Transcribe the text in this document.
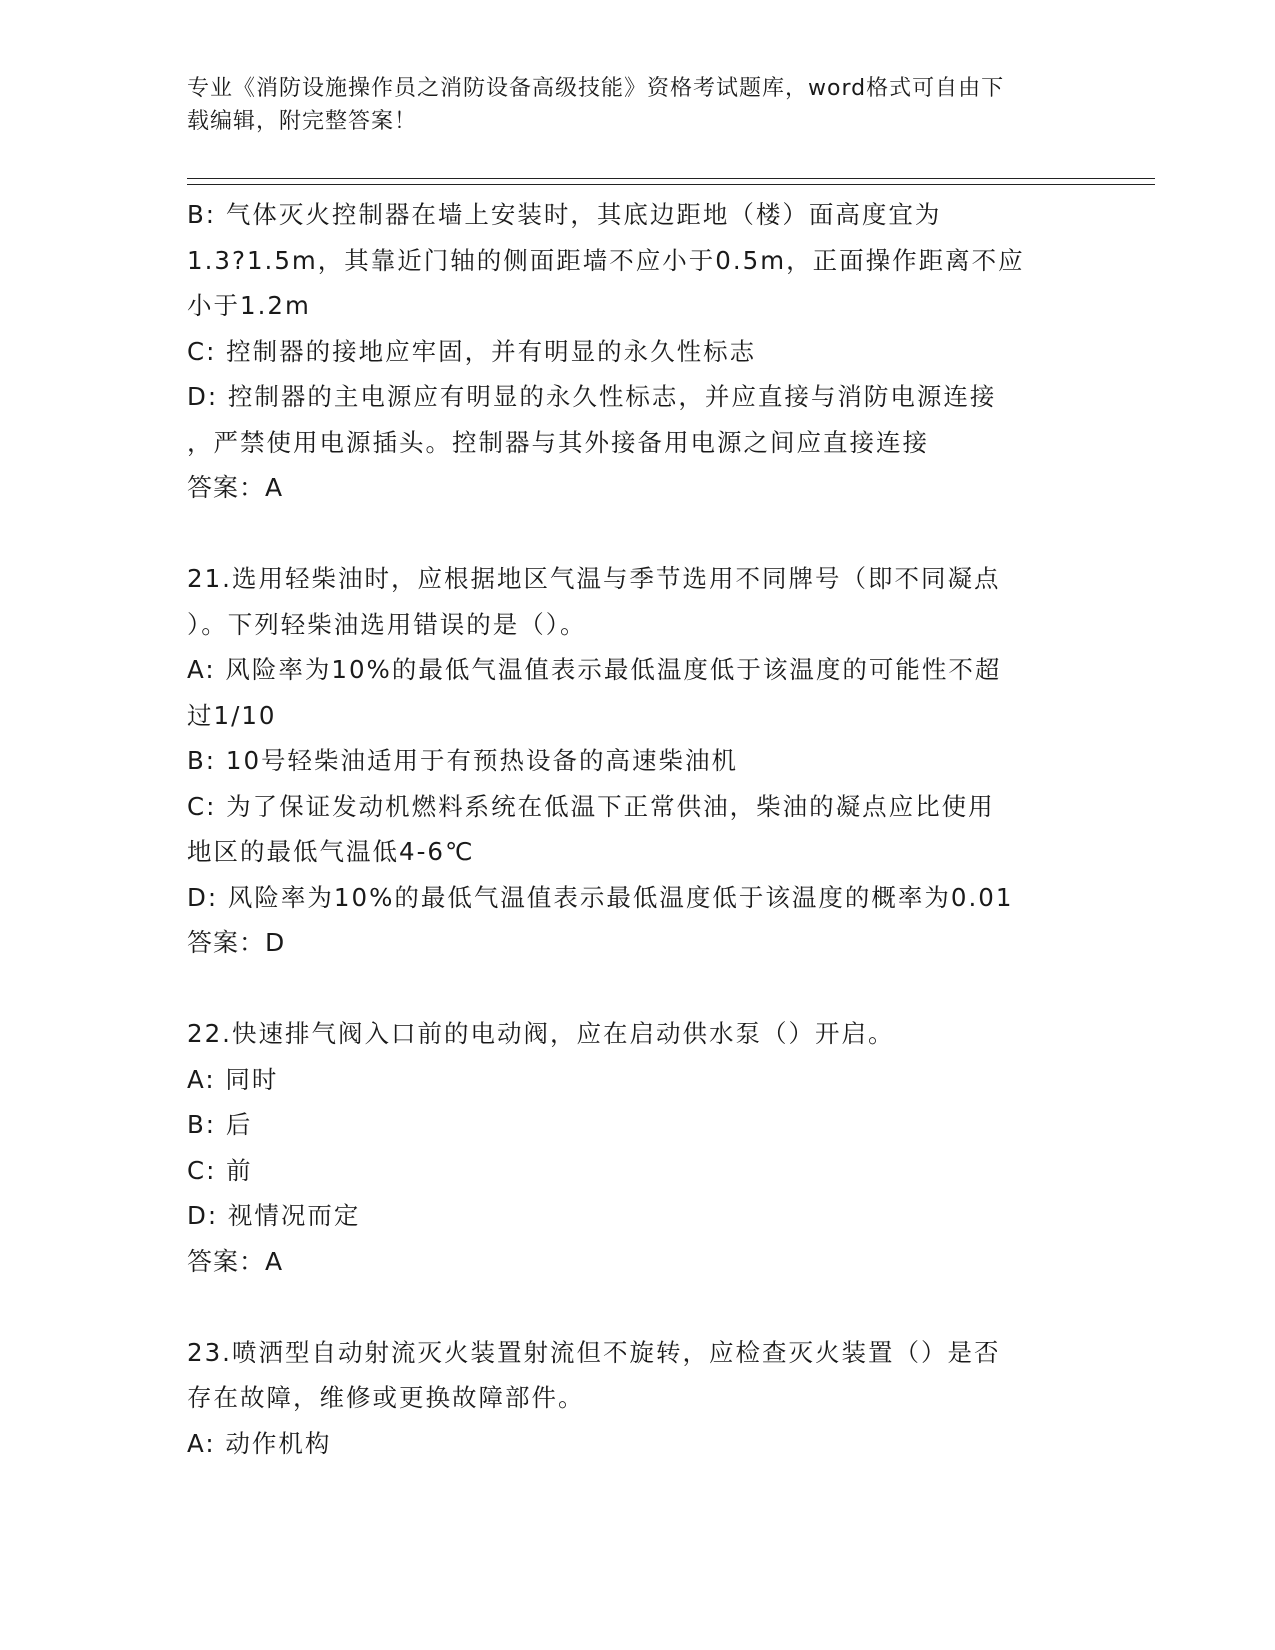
专业《消防设施操作员之消防设备高级技能》资格考试题库，word格式可自由下
载编辑，附完整答案！
B: 气体灭火控制器在墙上安装时，其底边距地（楼）面高度宜为
1.3?1.5m，其靠近门轴的侧面距墙不应小于0.5m，正面操作距离不应
小于1.2m
C: 控制器的接地应牢固，并有明显的永久性标志
D: 控制器的主电源应有明显的永久性标志，并应直接与消防电源连接
，严禁使用电源插头。控制器与其外接备用电源之间应直接连接
答案：A
21.选用轻柴油时，应根据地区气温与季节选用不同牌号（即不同凝点
）。下列轻柴油选用错误的是（）。
A: 风险率为10%的最低气温值表示最低温度低于该温度的可能性不超
过1/10
B: 10号轻柴油适用于有预热设备的高速柴油机
C: 为了保证发动机燃料系统在低温下正常供油，柴油的凝点应比使用
地区的最低气温低4-6℃
D: 风险率为10%的最低气温值表示最低温度低于该温度的概率为0.01
答案：D
22.快速排气阀入口前的电动阀，应在启动供水泵（）开启。
A: 同时
B: 后
C: 前
D: 视情况而定
答案：A
23.喷洒型自动射流灭火装置射流但不旋转，应检查灭火装置（）是否
存在故障，维修或更换故障部件。
A: 动作机构
